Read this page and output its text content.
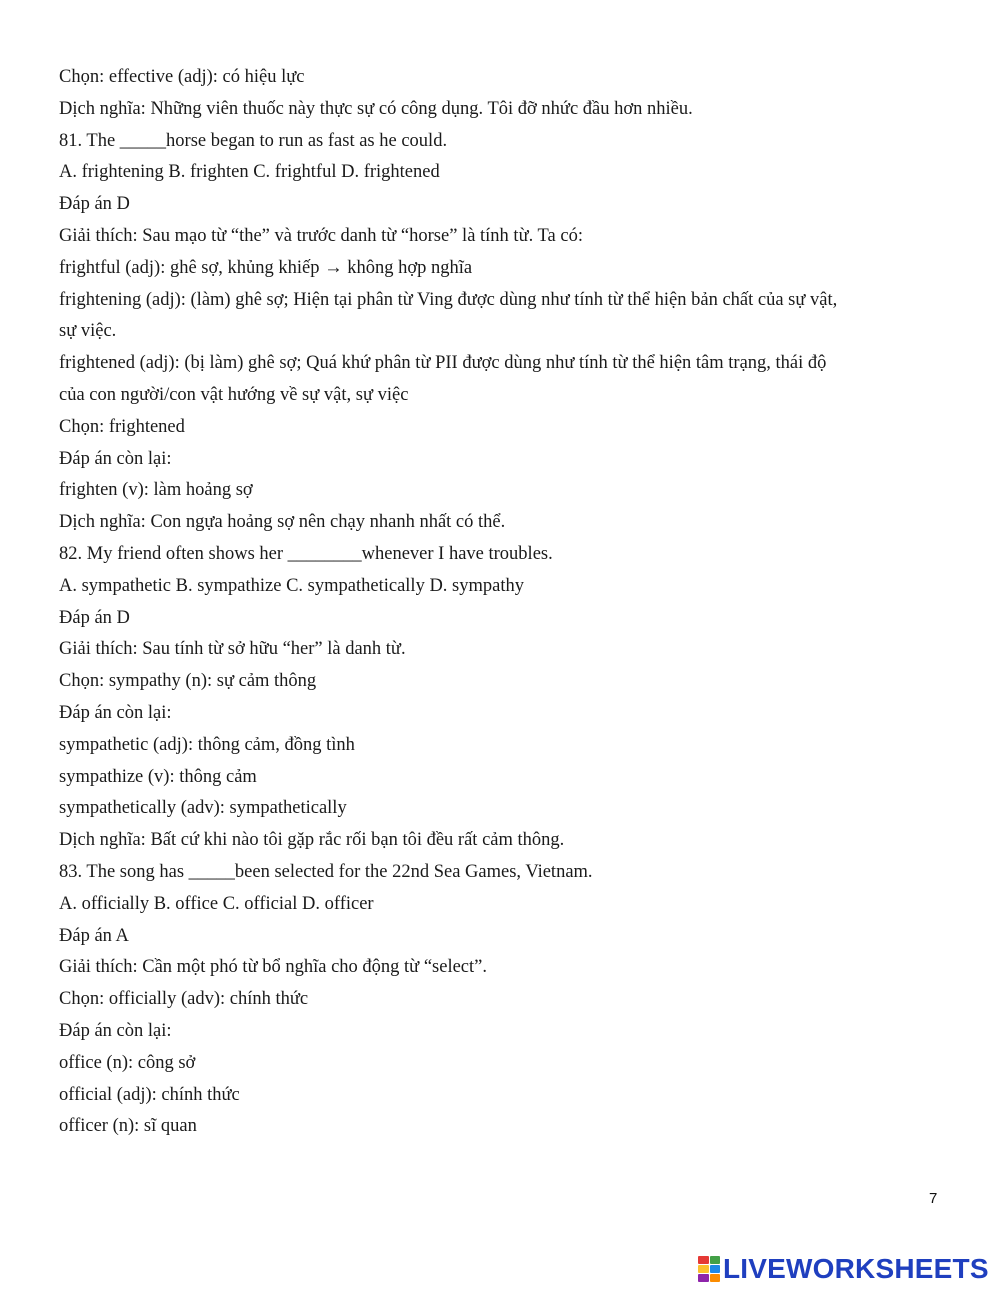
Chọn: effective (adj): có hiệu lực
Dịch nghĩa: Những viên thuốc này thực sự có công dụng. Tôi đỡ nhức đầu hơn nhiều.
81. The _____horse began to run as fast as he could.
A. frightening B. frighten C. frightful D. frightened
Đáp án D
Giải thích: Sau mạo từ “the” và trước danh từ “horse” là tính từ. Ta có:
frightful (adj): ghê sợ, khủng khiếp → không hợp nghĩa
frightening (adj): (làm) ghê sợ; Hiện tại phân từ Ving được dùng như tính từ thể hiện bản chất của sự vật,
sự việc.
frightened (adj): (bị làm) ghê sợ; Quá khứ phân từ PII được dùng như tính từ thể hiện tâm trạng, thái độ
của con người/con vật hướng về sự vật, sự việc
Chọn: frightened
Đáp án còn lại:
frighten (v): làm hoảng sợ
Dịch nghĩa: Con ngựa hoảng sợ nên chạy nhanh nhất có thể.
82. My friend often shows her ________whenever I have troubles.
A. sympathetic B. sympathize C. sympathetically D. sympathy
Đáp án D
Giải thích: Sau tính từ sở hữu “her” là danh từ.
Chọn: sympathy (n): sự cảm thông
Đáp án còn lại:
sympathetic (adj): thông cảm, đồng tình
sympathize (v): thông cảm
sympathetically (adv): sympathetically
Dịch nghĩa: Bất cứ khi nào tôi gặp rắc rối bạn tôi đều rất cảm thông.
83. The song has _____been selected for the 22nd Sea Games, Vietnam.
A. officially B. office C. official D. officer
Đáp án A
Giải thích: Cần một phó từ bổ nghĩa cho động từ “select”.
Chọn: officially (adv): chính thức
Đáp án còn lại:
office (n): công sở
official (adj): chính thức
officer (n): sĩ quan
7
LIVEWORKSHEETS
